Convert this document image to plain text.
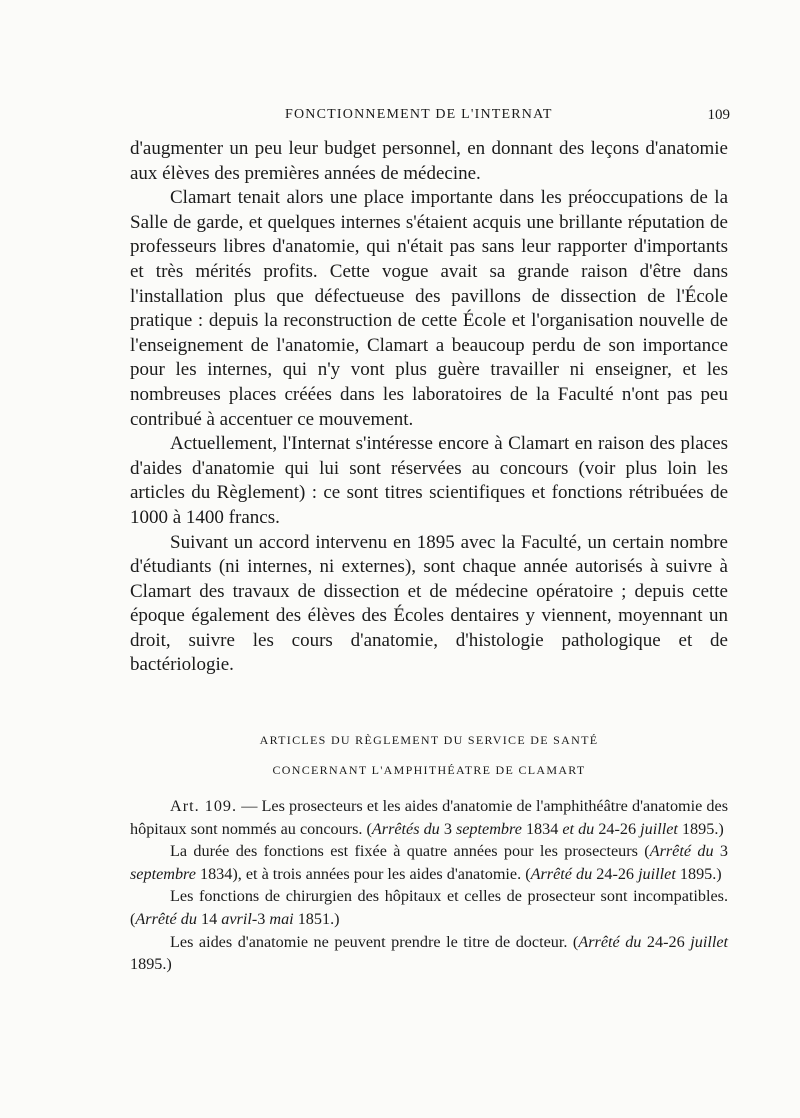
FONCTIONNEMENT DE L'INTERNAT	109

d'augmenter un peu leur budget personnel, en donnant des leçons d'anatomie aux élèves des premières années de médecine.

Clamart tenait alors une place importante dans les préoccupations de la Salle de garde, et quelques internes s'étaient acquis une brillante réputation de professeurs libres d'anatomie, qui n'était pas sans leur rapporter d'importants et très mérités profits. Cette vogue avait sa grande raison d'être dans l'installation plus que défectueuse des pavillons de dissection de l'École pratique : depuis la reconstruction de cette École et l'organisation nouvelle de l'enseignement de l'anatomie, Clamart a beaucoup perdu de son importance pour les internes, qui n'y vont plus guère travailler ni enseigner, et les nombreuses places créées dans les laboratoires de la Faculté n'ont pas peu contribué à accentuer ce mouvement.

Actuellement, l'Internat s'intéresse encore à Clamart en raison des places d'aides d'anatomie qui lui sont réservées au concours (voir plus loin les articles du Règlement) : ce sont titres scientifiques et fonctions rétribuées de 1000 à 1400 francs.

Suivant un accord intervenu en 1895 avec la Faculté, un certain nombre d'étudiants (ni internes, ni externes), sont chaque année autorisés à suivre à Clamart des travaux de dissection et de médecine opératoire ; depuis cette époque également des élèves des Écoles dentaires y viennent, moyennant un droit, suivre les cours d'anatomie, d'histologie pathologique et de bactériologie.

ARTICLES DU RÈGLEMENT DU SERVICE DE SANTÉ
CONCERNANT L'AMPHITHÉATRE DE CLAMART

Art. 109. — Les prosecteurs et les aides d'anatomie de l'amphithéâtre d'anatomie des hôpitaux sont nommés au concours. (Arrêtés du 3 septembre 1834 et du 24-26 juillet 1895.)

La durée des fonctions est fixée à quatre années pour les prosecteurs (Arrêté du 3 septembre 1834), et à trois années pour les aides d'anatomie. (Arrêté du 24-26 juillet 1895.)

Les fonctions de chirurgien des hôpitaux et celles de prosecteur sont incompatibles. (Arrêté du 14 avril-3 mai 1851.)

Les aides d'anatomie ne peuvent prendre le titre de docteur. (Arrêté du 24-26 juillet 1895.)
